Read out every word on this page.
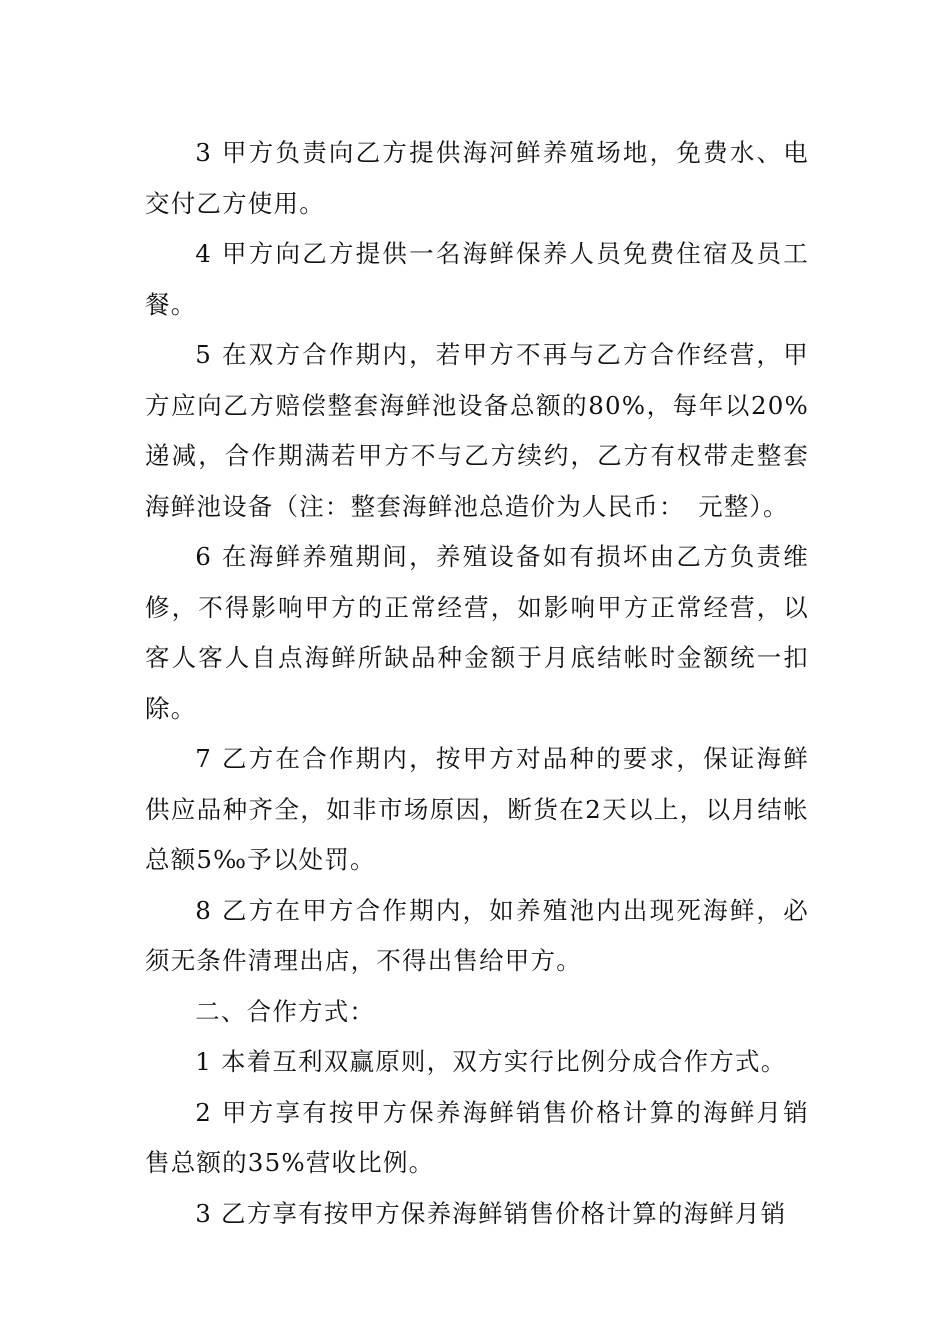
3 甲方负责向乙方提供海河鲜养殖场地，免费水、电交付乙方使用。

4 甲方向乙方提供一名海鲜保养人员免费住宿及员工餐。

5 在双方合作期内，若甲方不再与乙方合作经营，甲方应向乙方赔偿整套海鲜池设备总额的80%，每年以20%递减，合作期满若甲方不与乙方续约，乙方有权带走整套海鲜池设备（注：整套海鲜池总造价为人民币：　元整）。

6 在海鲜养殖期间，养殖设备如有损坏由乙方负责维修，不得影响甲方的正常经营，如影响甲方正常经营，以客人客人自点海鲜所缺品种金额于月底结帐时金额统一扣除。

7 乙方在合作期内，按甲方对品种的要求，保证海鲜供应品种齐全，如非市场原因，断货在2天以上，以月结帐总额5‰予以处罚。

8 乙方在甲方合作期内，如养殖池内出现死海鲜，必须无条件清理出店，不得出售给甲方。

二、合作方式：

1 本着互利双赢原则，双方实行比例分成合作方式。

2 甲方享有按甲方保养海鲜销售价格计算的海鲜月销售总额的35%营收比例。

3 乙方享有按甲方保养海鲜销售价格计算的海鲜月销
